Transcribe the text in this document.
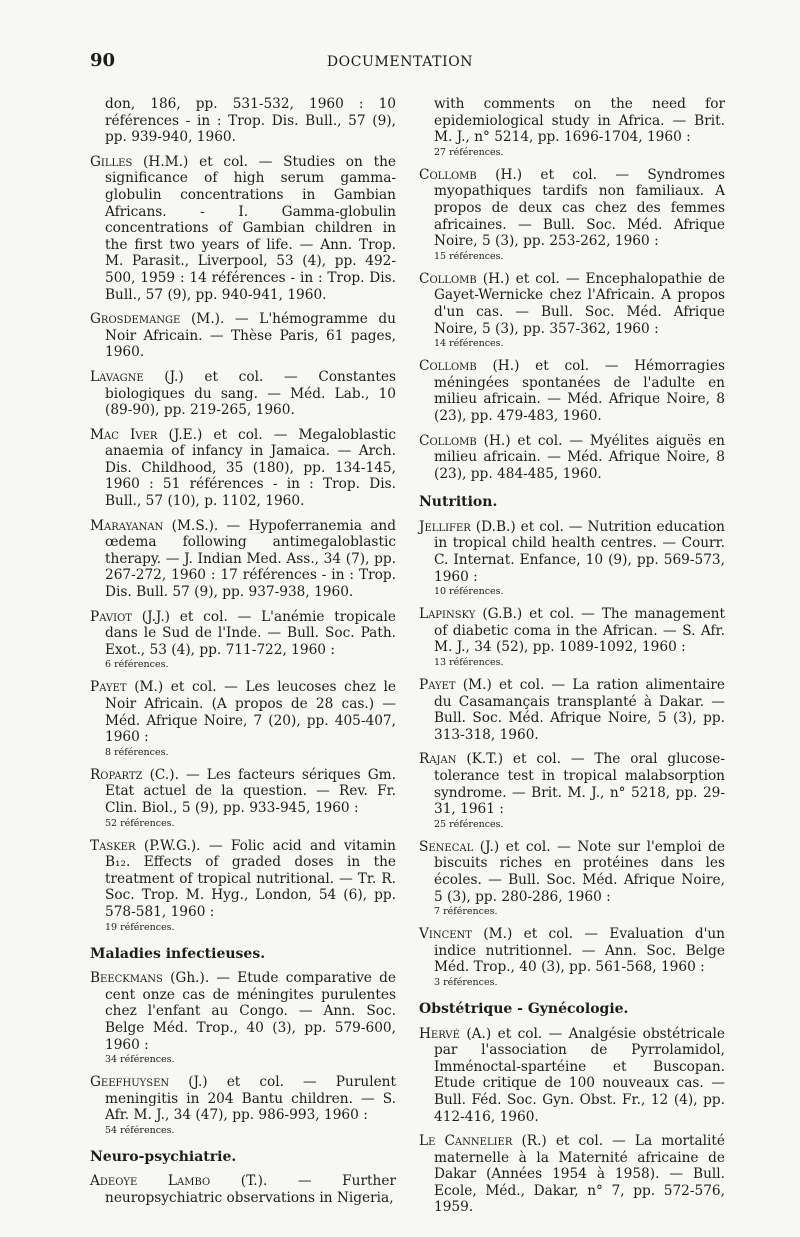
90	DOCUMENTATION
don, 186, pp. 531-532, 1960 : 10 références - in : Trop. Dis. Bull., 57 (9), pp. 939-940, 1960.
Gilles (H.M.) et col. — Studies on the significance of high serum gamma-globulin concentrations in Gambian Africans. - I. Gamma-globulin concentrations of Gambian children in the first two years of life. — Ann. Trop. M. Parasit., Liverpool, 53 (4), pp. 492-500, 1959 : 14 références - in : Trop. Dis. Bull., 57 (9), pp. 940-941, 1960.
Grosdemange (M.). — L'hémogramme du Noir Africain. — Thèse Paris, 61 pages, 1960.
Lavagne (J.) et col. — Constantes biologiques du sang. — Méd. Lab., 10 (89-90), pp. 219-265, 1960.
Mac Iver (J.E.) et col. — Megaloblastic anaemia of infancy in Jamaica. — Arch. Dis. Childhood, 35 (180), pp. 134-145, 1960 : 51 références - in : Trop. Dis. Bull., 57 (10), p. 1102, 1960.
Marayanan (M.S.). — Hypoferranemia and œdema following antimegaloblastic therapy. — J. Indian Med. Ass., 34 (7), pp. 267-272, 1960 : 17 références - in : Trop. Dis. Bull. 57 (9), pp. 937-938, 1960.
Paviot (J.J.) et col. — L'anémie tropicale dans le Sud de l'Inde. — Bull. Soc. Path. Exot., 53 (4), pp. 711-722, 1960 :
6 références.
Payet (M.) et col. — Les leucoses chez le Noir Africain. (A propos de 28 cas.) — Méd. Afrique Noire, 7 (20), pp. 405-407, 1960 :
8 références.
Ropartz (C.). — Les facteurs sériques Gm. Etat actuel de la question. — Rev. Fr. Clin. Biol., 5 (9), pp. 933-945, 1960 :
52 références.
Tasker (P.W.G.). — Folic acid and vitamin B₁₂. Effects of graded doses in the treatment of tropical nutritional. — Tr. R. Soc. Trop. M. Hyg., London, 54 (6), pp. 578-581, 1960 :
19 références.
Maladies infectieuses.
Beeckmans (Gh.). — Etude comparative de cent onze cas de méningites purulentes chez l'enfant au Congo. — Ann. Soc. Belge Méd. Trop., 40 (3), pp. 579-600, 1960 :
34 références.
Geefhuysen (J.) et col. — Purulent meningitis in 204 Bantu children. — S. Afr. M. J., 34 (47), pp. 986-993, 1960 :
54 références.
Neuro-psychiatrie.
Adeoye Lambo (T.). — Further neuropsychiatric observations in Nigeria,
with comments on the need for epidemiological study in Africa. — Brit. M. J., n° 5214, pp. 1696-1704, 1960 :
27 références.
Collomb (H.) et col. — Syndromes myopathiques tardifs non familiaux. A propos de deux cas chez des femmes africaines. — Bull. Soc. Méd. Afrique Noire, 5 (3), pp. 253-262, 1960 :
15 références.
Collomb (H.) et col. — Encephalopathie de Gayet-Wernicke chez l'Africain. A propos d'un cas. — Bull. Soc. Méd. Afrique Noire, 5 (3), pp. 357-362, 1960 :
14 références.
Collomb (H.) et col. — Hémorragies méningées spontanées de l'adulte en milieu africain. — Méd. Afrique Noire, 8 (23), pp. 479-483, 1960.
Collomb (H.) et col. — Myélites aiguës en milieu africain. — Méd. Afrique Noire, 8 (23), pp. 484-485, 1960.
Nutrition.
Jellifer (D.B.) et col. — Nutrition education in tropical child health centres. — Courr. C. Internat. Enfance, 10 (9), pp. 569-573, 1960 :
10 références.
Lapinsky (G.B.) et col. — The management of diabetic coma in the African. — S. Afr. M. J., 34 (52), pp. 1089-1092, 1960 :
13 références.
Payet (M.) et col. — La ration alimentaire du Casamançais transplanté à Dakar. — Bull. Soc. Méd. Afrique Noire, 5 (3), pp. 313-318, 1960.
Rajan (K.T.) et col. — The oral glucose-tolerance test in tropical malabsorption syndrome. — Brit. M. J., n° 5218, pp. 29-31, 1961 :
25 références.
Senecal (J.) et col. — Note sur l'emploi de biscuits riches en protéines dans les écoles. — Bull. Soc. Méd. Afrique Noire, 5 (3), pp. 280-286, 1960 :
7 références.
Vincent (M.) et col. — Evaluation d'un indice nutritionnel. — Ann. Soc. Belge Méd. Trop., 40 (3), pp. 561-568, 1960 :
3 références.
Obstétrique - Gynécologie.
Hervé (A.) et col. — Analgésie obstétricale par l'association de Pyrrolamidol, Imménoctal-spartéine et Buscopan. Etude critique de 100 nouveaux cas. — Bull. Féd. Soc. Gyn. Obst. Fr., 12 (4), pp. 412-416, 1960.
Le Cannelier (R.) et col. — La mortalité maternelle à la Maternité africaine de Dakar (Années 1954 à 1958). — Bull. Ecole, Méd., Dakar, n° 7, pp. 572-576, 1959.
